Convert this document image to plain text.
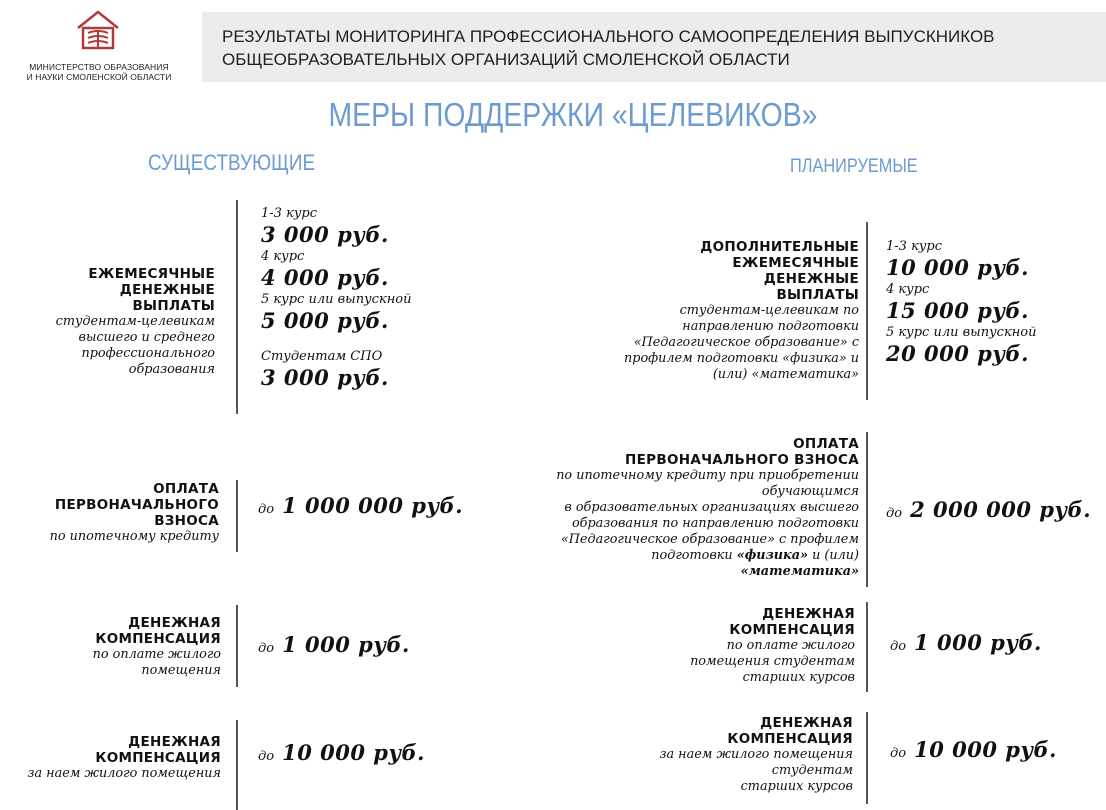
МИНИСТЕРСТВО ОБРАЗОВАНИЯ
И НАУКИ СМОЛЕНСКОЙ ОБЛАСТИ
РЕЗУЛЬТАТЫ МОНИТОРИНГА ПРОФЕССИОНАЛЬНОГО САМООПРЕДЕЛЕНИЯ ВЫПУСКНИКОВ
ОБЩЕОБРАЗОВАТЕЛЬНЫХ ОРГАНИЗАЦИЙ СМОЛЕНСКОЙ ОБЛАСТИ
МЕРЫ ПОДДЕРЖКИ «ЦЕЛЕВИКОВ»
СУЩЕСТВУЮЩИЕ	ПЛАНИРУЕМЫЕ
ЕЖЕМЕСЯЧНЫЕ
ДЕНЕЖНЫЕ
ВЫПЛАТЫ
студентам-целевикам
высшего и среднего
профессионального
образования
1-3 курс
3 000 руб.
4 курс
4 000 руб.
5 курс или выпускной
5 000 руб.
Студентам СПО
3 000 руб.
ОПЛАТА
ПЕРВОНАЧАЛЬНОГО
ВЗНОСА
по ипотечному кредиту
до 1 000 000 руб.
ДЕНЕЖНАЯ
КОМПЕНСАЦИЯ
по оплате жилого
помещения
до 1 000 руб.
ДЕНЕЖНАЯ
КОМПЕНСАЦИЯ
за наем жилого помещения
до 10 000 руб.
ДОПОЛНИТЕЛЬНЫЕ
ЕЖЕМЕСЯЧНЫЕ
ДЕНЕЖНЫЕ
ВЫПЛАТЫ
студентам-целевикам по
направлению подготовки
«Педагогическое образование» с
профилем подготовки «физика» и
(или) «математика»
1-3 курс
10 000 руб.
4 курс
15 000 руб.
5 курс или выпускной
20 000 руб.
ОПЛАТА
ПЕРВОНАЧАЛЬНОГО ВЗНОСА
по ипотечному кредиту при приобретении
обучающимся
в образовательных организациях высшего
образования по направлению подготовки
«Педагогическое образование» с профилем
подготовки «физика» и (или)
«математика»
до 2 000 000 руб.
ДЕНЕЖНАЯ
КОМПЕНСАЦИЯ
по оплате жилого
помещения студентам
старших курсов
до 1 000 руб.
ДЕНЕЖНАЯ
КОМПЕНСАЦИЯ
за наем жилого помещения
студентам
старших курсов
до 10 000 руб.
